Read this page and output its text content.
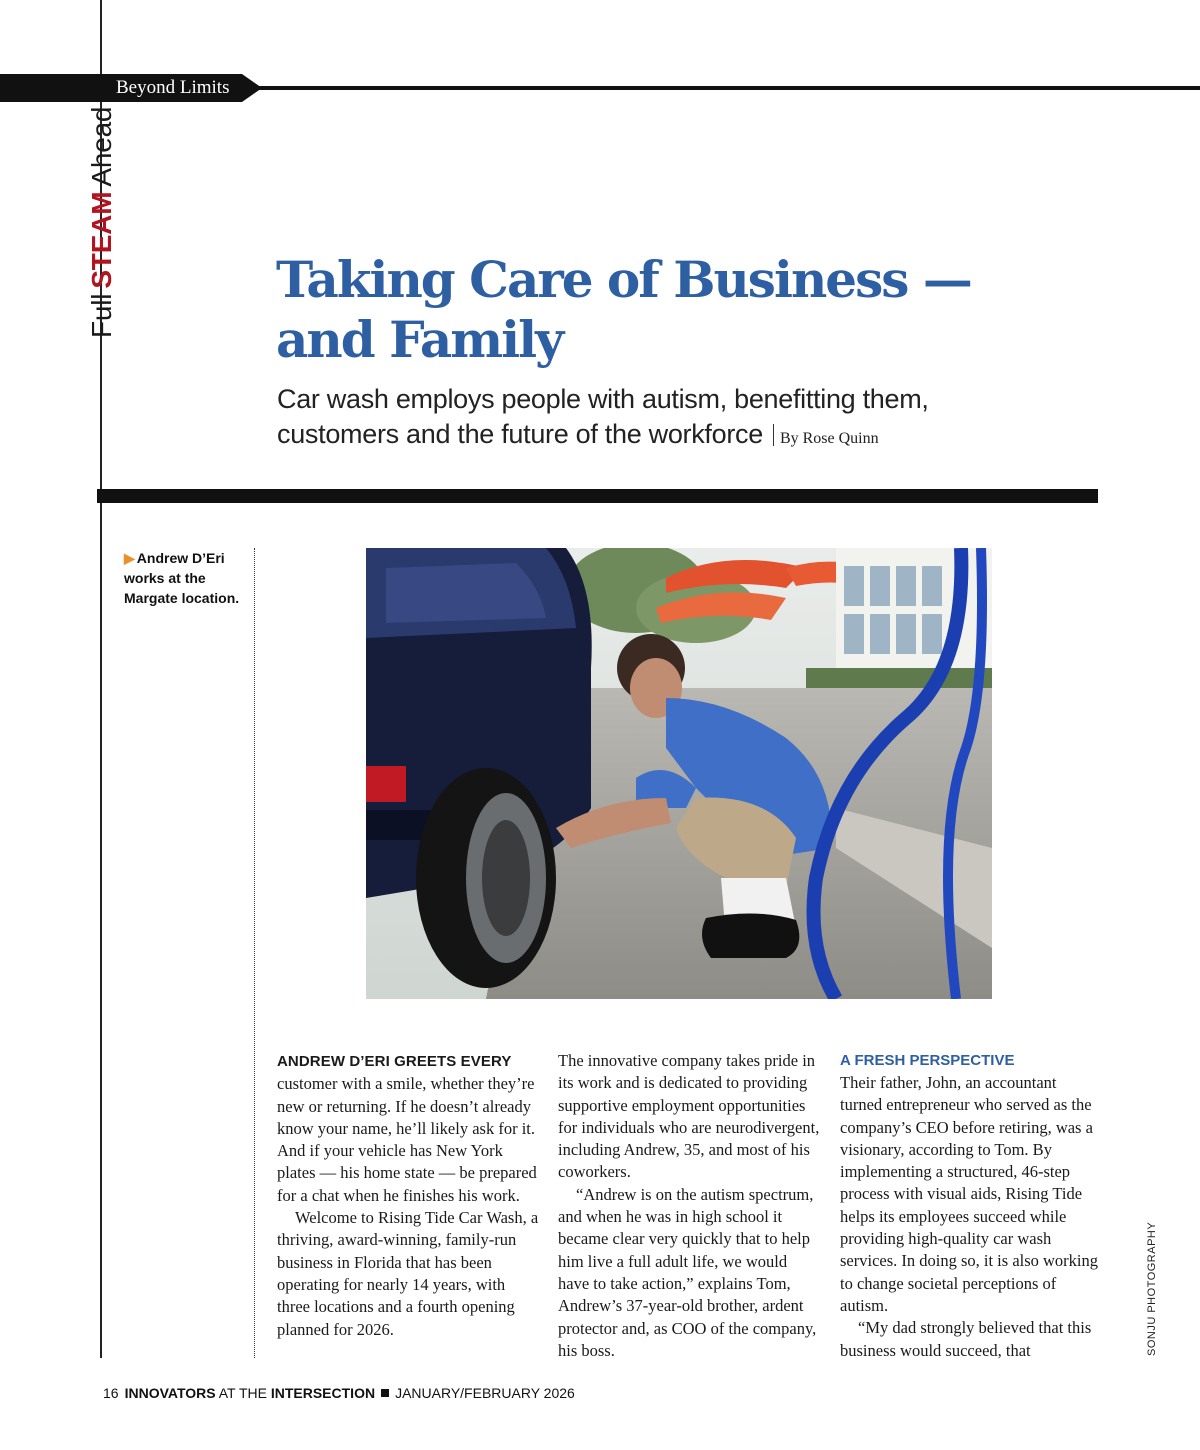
Beyond Limits
FullSTEAMAhead
Taking Care of Business —
and Family
Car wash employs people with autism, benefitting them,
customers and the future of the workforce By Rose Quinn
▶ Andrew D’Eri
works at the
Margate location.

ANDREW D’ERI GREETS EVERY
customer with a smile, whether they’re new or returning. If he doesn’t already know your name, he’ll likely ask for it. And if your vehicle has New York plates — his home state — be prepared for a chat when he finishes his work.

Welcome to Rising Tide Car Wash, a thriving, award-winning, family-run business in Florida that has been operating for nearly 14 years, with three locations and a fourth opening planned for 2026.

The innovative company takes pride in its work and is dedicated to providing supportive employment opportunities for individuals who are neurodivergent, including Andrew, 35, and most of his coworkers.

“Andrew is on the autism spectrum, and when he was in high school it became clear very quickly that to help him live a full adult life, we would have to take action,” explains Tom, Andrew’s 37-year-old brother, ardent protector and, as COO of the company, his boss.

A FRESH PERSPECTIVE

Their father, John, an accountant turned entrepreneur who served as the company’s CEO before retiring, was a visionary, according to Tom. By implementing a structured, 46-step process with visual aids, Rising Tide helps its employees succeed while providing high-quality car wash services. In doing so, it is also working to change societal perceptions of autism.

“My dad strongly believed that this business would succeed, that	SONJU PHOTOGRAPHY
16 INNOVATORS AT THE INTERSECTION JANUARY/FEBRUARY 2026
